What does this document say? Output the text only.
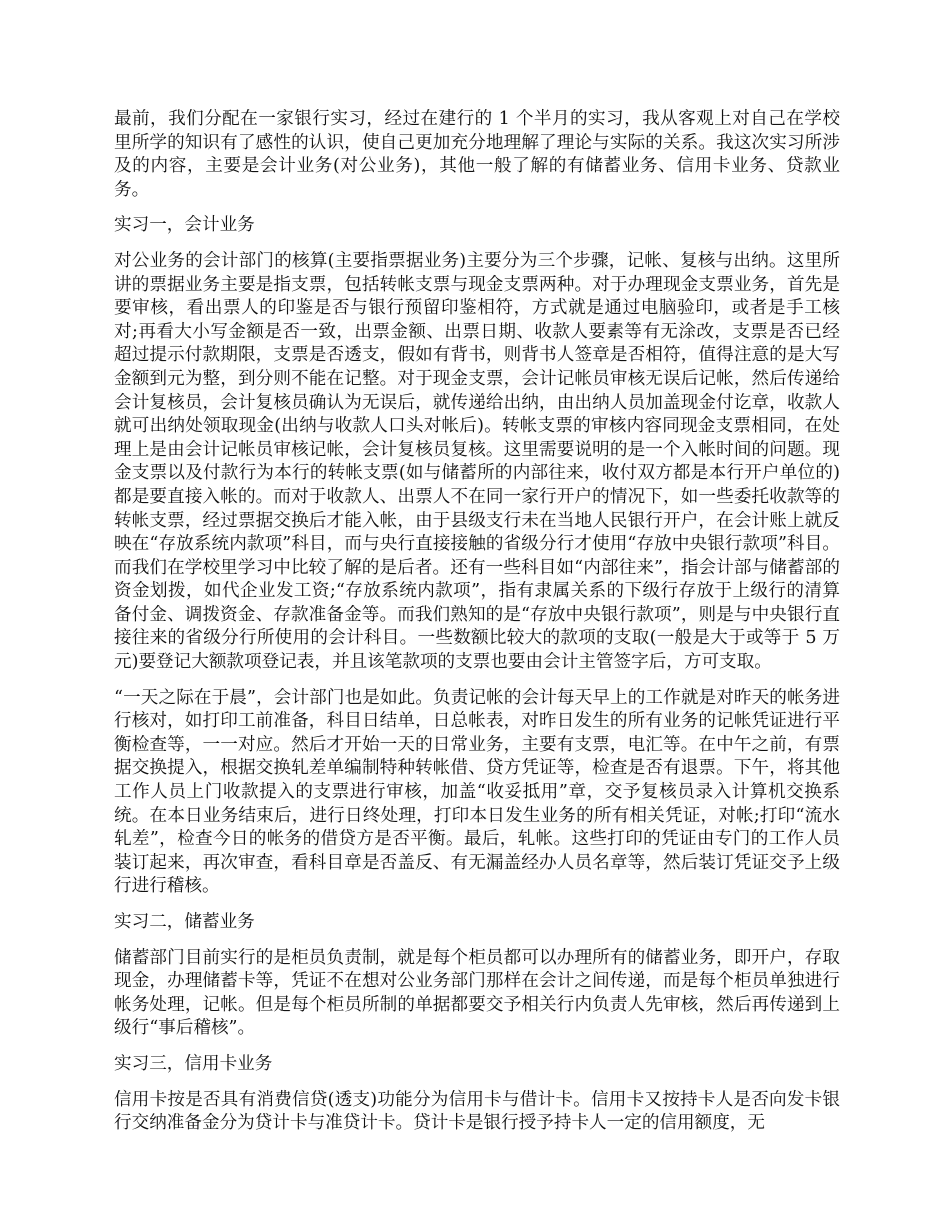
最前，我们分配在一家银行实习，经过在建行的 1 个半月的实习，我从客观上对自己在学校里所学的知识有了感性的认识，使自己更加充分地理解了理论与实际的关系。我这次实习所涉及的内容，主要是会计业务(对公业务)，其他一般了解的有储蓄业务、信用卡业务、贷款业务。

实习一，会计业务

对公业务的会计部门的核算(主要指票据业务)主要分为三个步骤，记帐、复核与出纳。这里所讲的票据业务主要是指支票，包括转帐支票与现金支票两种。对于办理现金支票业务，首先是要审核，看出票人的印鉴是否与银行预留印鉴相符，方式就是通过电脑验印，或者是手工核对;再看大小写金额是否一致，出票金额、出票日期、收款人要素等有无涂改，支票是否已经超过提示付款期限，支票是否透支，假如有背书，则背书人签章是否相符，值得注意的是大写金额到元为整，到分则不能在记整。对于现金支票，会计记帐员审核无误后记帐，然后传递给会计复核员，会计复核员确认为无误后，就传递给出纳，由出纳人员加盖现金付讫章，收款人就可出纳处领取现金(出纳与收款人口头对帐后)。转帐支票的审核内容同现金支票相同，在处理上是由会计记帐员审核记帐，会计复核员复核。这里需要说明的是一个入帐时间的问题。现金支票以及付款行为本行的转帐支票(如与储蓄所的内部往来，收付双方都是本行开户单位的)都是要直接入帐的。而对于收款人、出票人不在同一家行开户的情况下，如一些委托收款等的转帐支票，经过票据交换后才能入帐，由于县级支行未在当地人民银行开户，在会计账上就反映在“存放系统内款项”科目，而与央行直接接触的省级分行才使用“存放中央银行款项”科目。而我们在学校里学习中比较了解的是后者。还有一些科目如“内部往来”，指会计部与储蓄部的资金划拨，如代企业发工资;“存放系统内款项”，指有隶属关系的下级行存放于上级行的清算备付金、调拨资金、存款准备金等。而我们熟知的是“存放中央银行款项”，则是与中央银行直接往来的省级分行所使用的会计科目。一些数额比较大的款项的支取(一般是大于或等于 5 万元)要登记大额款项登记表，并且该笔款项的支票也要由会计主管签字后，方可支取。

“一天之际在于晨”，会计部门也是如此。负责记帐的会计每天早上的工作就是对昨天的帐务进行核对，如打印工前准备，科目日结单，日总帐表，对昨日发生的所有业务的记帐凭证进行平衡检查等，一一对应。然后才开始一天的日常业务，主要有支票，电汇等。在中午之前，有票据交换提入，根据交换轧差单编制特种转帐借、贷方凭证等，检查是否有退票。下午，将其他工作人员上门收款提入的支票进行审核，加盖“收妥抵用”章，交予复核员录入计算机交换系统。在本日业务结束后，进行日终处理，打印本日发生业务的所有相关凭证，对帐;打印“流水轧差”，检查今日的帐务的借贷方是否平衡。最后，轧帐。这些打印的凭证由专门的工作人员装订起来，再次审查，看科目章是否盖反、有无漏盖经办人员名章等，然后装订凭证交予上级行进行稽核。

实习二，储蓄业务

储蓄部门目前实行的是柜员负责制，就是每个柜员都可以办理所有的储蓄业务，即开户，存取现金，办理储蓄卡等，凭证不在想对公业务部门那样在会计之间传递，而是每个柜员单独进行帐务处理，记帐。但是每个柜员所制的单据都要交予相关行内负责人先审核，然后再传递到上级行“事后稽核”。

实习三，信用卡业务

信用卡按是否具有消费信贷(透支)功能分为信用卡与借计卡。信用卡又按持卡人是否向发卡银行交纳准备金分为贷计卡与准贷计卡。贷计卡是银行授予持卡人一定的信用额度，无
